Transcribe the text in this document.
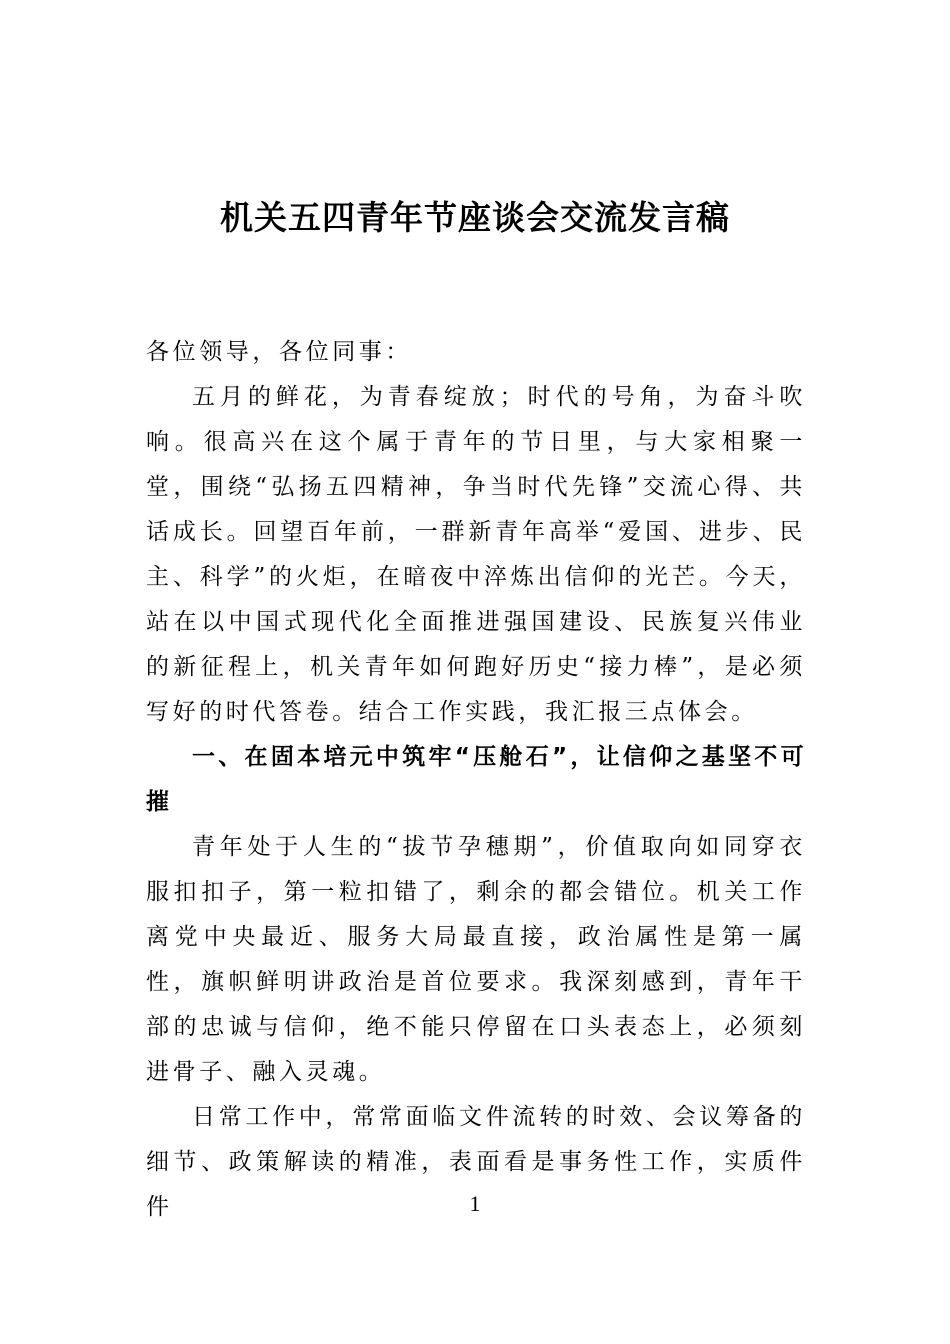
机关五四青年节座谈会交流发言稿

各位领导，各位同事：

五月的鲜花，为青春绽放；时代的号角，为奋斗吹响。很高兴在这个属于青年的节日里，与大家相聚一堂，围绕“弘扬五四精神，争当时代先锋”交流心得、共话成长。回望百年前，一群新青年高举“爱国、进步、民主、科学”的火炬，在暗夜中淬炼出信仰的光芒。今天，站在以中国式现代化全面推进强国建设、民族复兴伟业的新征程上，机关青年如何跑好历史“接力棒”，是必须写好的时代答卷。结合工作实践，我汇报三点体会。

一、在固本培元中筑牢“压舱石”，让信仰之基坚不可摧

青年处于人生的“拔节孕穗期”，价值取向如同穿衣服扣扣子，第一粒扣错了，剩余的都会错位。机关工作离党中央最近、服务大局最直接，政治属性是第一属性，旗帜鲜明讲政治是首位要求。我深刻感到，青年干部的忠诚与信仰，绝不能只停留在口头表态上，必须刻进骨子、融入灵魂。

日常工作中，常常面临文件流转的时效、会议筹备的细节、政策解读的精准，表面看是事务性工作，实质件件	1
